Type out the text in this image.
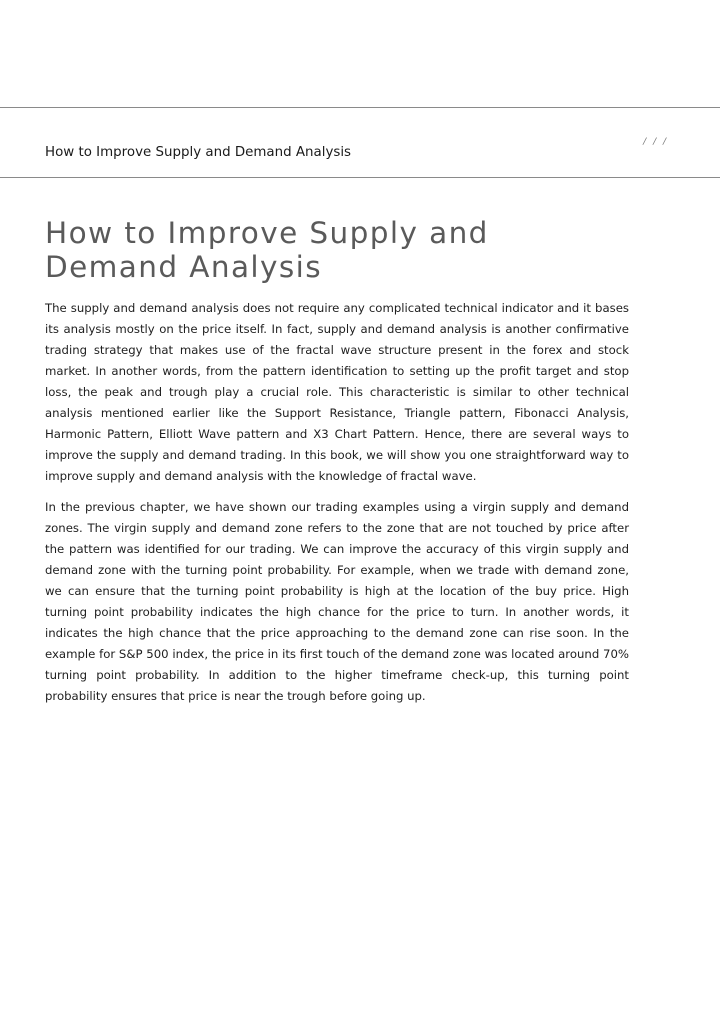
How to Improve Supply and Demand Analysis
/ / /
How to Improve Supply and Demand Analysis

The supply and demand analysis does not require any complicated technical indicator and it bases its analysis mostly on the price itself. In fact, supply and demand analysis is another confirmative trading strategy that makes use of the fractal wave structure present in the forex and stock market. In another words, from the pattern identification to setting up the profit target and stop loss, the peak and trough play a crucial role. This characteristic is similar to other technical analysis mentioned earlier like the Support Resistance, Triangle pattern, Fibonacci Analysis, Harmonic Pattern, Elliott Wave pattern and X3 Chart Pattern. Hence, there are several ways to improve the supply and demand trading. In this book, we will show you one straightforward way to improve supply and demand analysis with the knowledge of fractal wave.

In the previous chapter, we have shown our trading examples using a virgin supply and demand zones. The virgin supply and demand zone refers to the zone that are not touched by price after the pattern was identified for our trading. We can improve the accuracy of this virgin supply and demand zone with the turning point probability. For example, when we trade with demand zone, we can ensure that the turning point probability is high at the location of the buy price. High turning point probability indicates the high chance for the price to turn. In another words, it indicates the high chance that the price approaching to the demand zone can rise soon. In the example for S&P 500 index, the price in its first touch of the demand zone was located around 70% turning point probability. In addition to the higher timeframe check-up, this turning point probability ensures that price is near the trough before going up.
